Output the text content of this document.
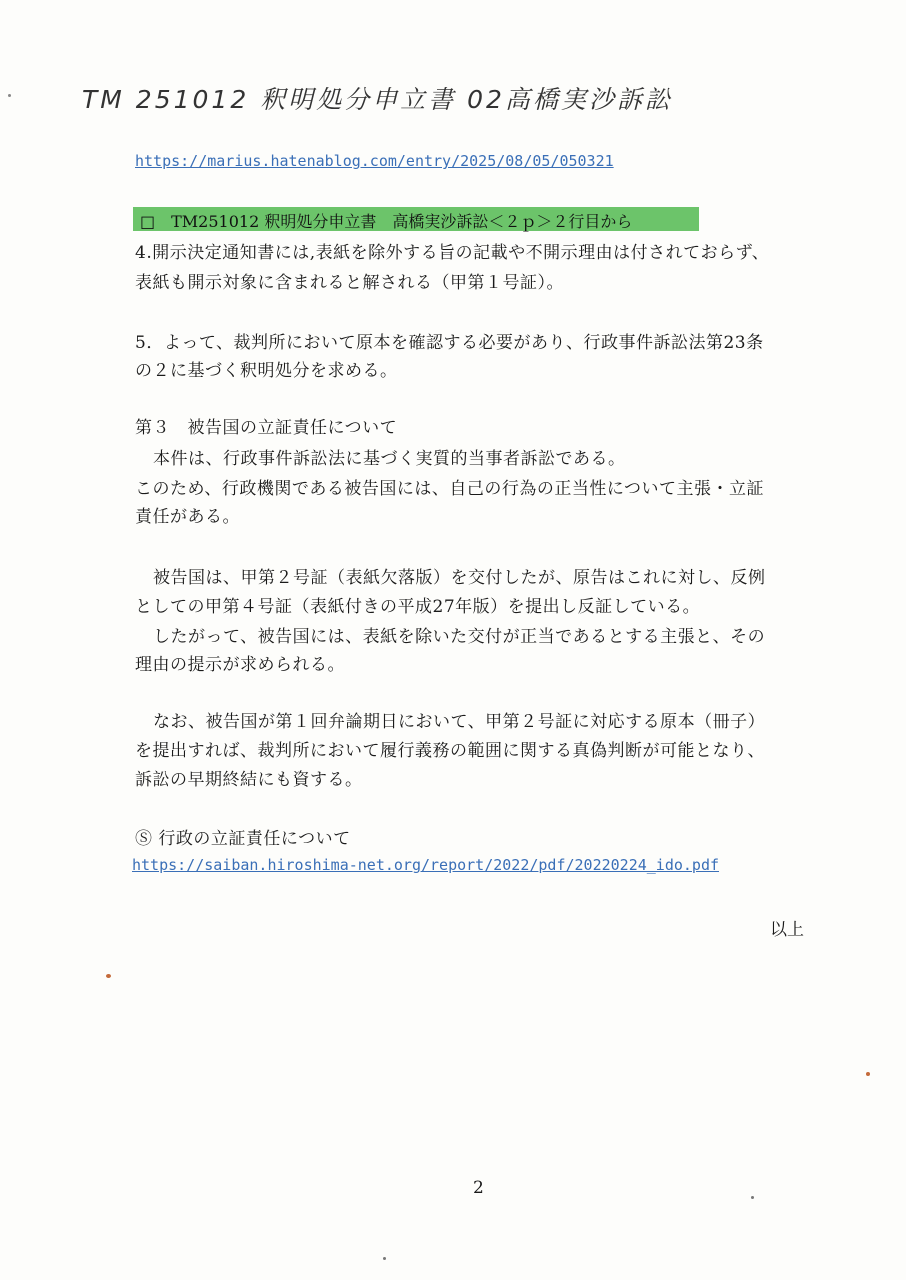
TM 251012 釈明処分申立書 02高橋実沙訴訟
https://marius.hatenablog.com/entry/2025/08/05/050321
□　TM251012 釈明処分申立書　高橋実沙訴訟＜２ｐ＞２行目から
4.開示決定通知書には,表紙を除外する旨の記載や不開示理由は付されておらず、
表紙も開示対象に含まれると解される（甲第１号証）。
5．よって、裁判所において原本を確認する必要があり、行政事件訴訟法第23条
の２に基づく釈明処分を求める。
第３　被告国の立証責任について
本件は、行政事件訴訟法に基づく実質的当事者訴訟である。
このため、行政機関である被告国には、自己の行為の正当性について主張・立証
責任がある。
被告国は、甲第２号証（表紙欠落版）を交付したが、原告はこれに対し、反例
としての甲第４号証（表紙付きの平成27年版）を提出し反証している。
したがって、被告国には、表紙を除いた交付が正当であるとする主張と、その
理由の提示が求められる。
なお、被告国が第１回弁論期日において、甲第２号証に対応する原本（冊子）
を提出すれば、裁判所において履行義務の範囲に関する真偽判断が可能となり、
訴訟の早期終結にも資する。
Ⓢ 行政の立証責任について
https://saiban.hiroshima-net.org/report/2022/pdf/20220224_ido.pdf
以上
2
